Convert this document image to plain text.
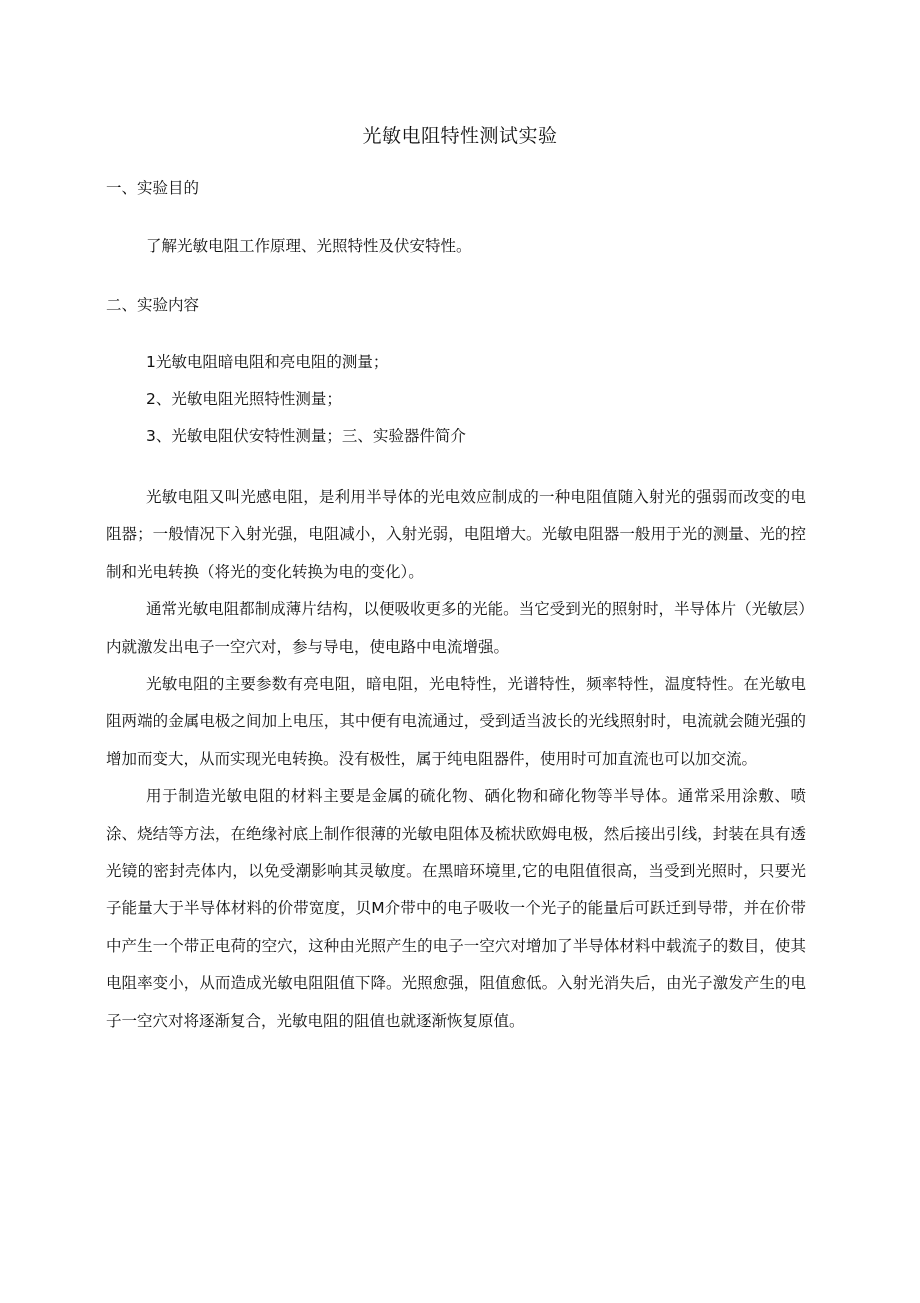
光敏电阻特性测试实验
一、实验目的
了解光敏电阻工作原理、光照特性及伏安特性。
二、实验内容
1光敏电阻暗电阻和亮电阻的测量；
2、光敏电阻光照特性测量；
3、光敏电阻伏安特性测量；三、实验器件简介

光敏电阻又叫光感电阻，是利用半导体的光电效应制成的一种电阻值随入射光的强弱而改变的电阻器；一般情况下入射光强，电阻减小，入射光弱，电阻增大。光敏电阻器一般用于光的测量、光的控制和光电转换（将光的变化转换为电的变化）。

通常光敏电阻都制成薄片结构，以便吸收更多的光能。当它受到光的照射时，半导体片（光敏层）内就激发出电子一空穴对，参与导电，使电路中电流增强。

光敏电阻的主要参数有亮电阻，暗电阻，光电特性，光谱特性，频率特性，温度特性。在光敏电阻两端的金属电极之间加上电压，其中便有电流通过，受到适当波长的光线照射时，电流就会随光强的增加而变大，从而实现光电转换。没有极性，属于纯电阻器件，使用时可加直流也可以加交流。

用于制造光敏电阻的材料主要是金属的硫化物、硒化物和碲化物等半导体。通常采用涂敷、喷涂、烧结等方法，在绝缘衬底上制作很薄的光敏电阻体及梳状欧姆电极，然后接出引线，封装在具有透光镜的密封壳体内，以免受潮影响其灵敏度。在黑暗环境里,它的电阻值很高，当受到光照时，只要光子能量大于半导体材料的价带宽度，贝M介带中的电子吸收一个光子的能量后可跃迁到导带，并在价带中产生一个带正电荷的空穴，这种由光照产生的电子一空穴对增加了半导体材料中载流子的数目，使其电阻率变小，从而造成光敏电阻阻值下降。光照愈强，阻值愈低。入射光消失后，由光子激发产生的电子一空穴对将逐渐复合，光敏电阻的阻值也就逐渐恢复原值。
